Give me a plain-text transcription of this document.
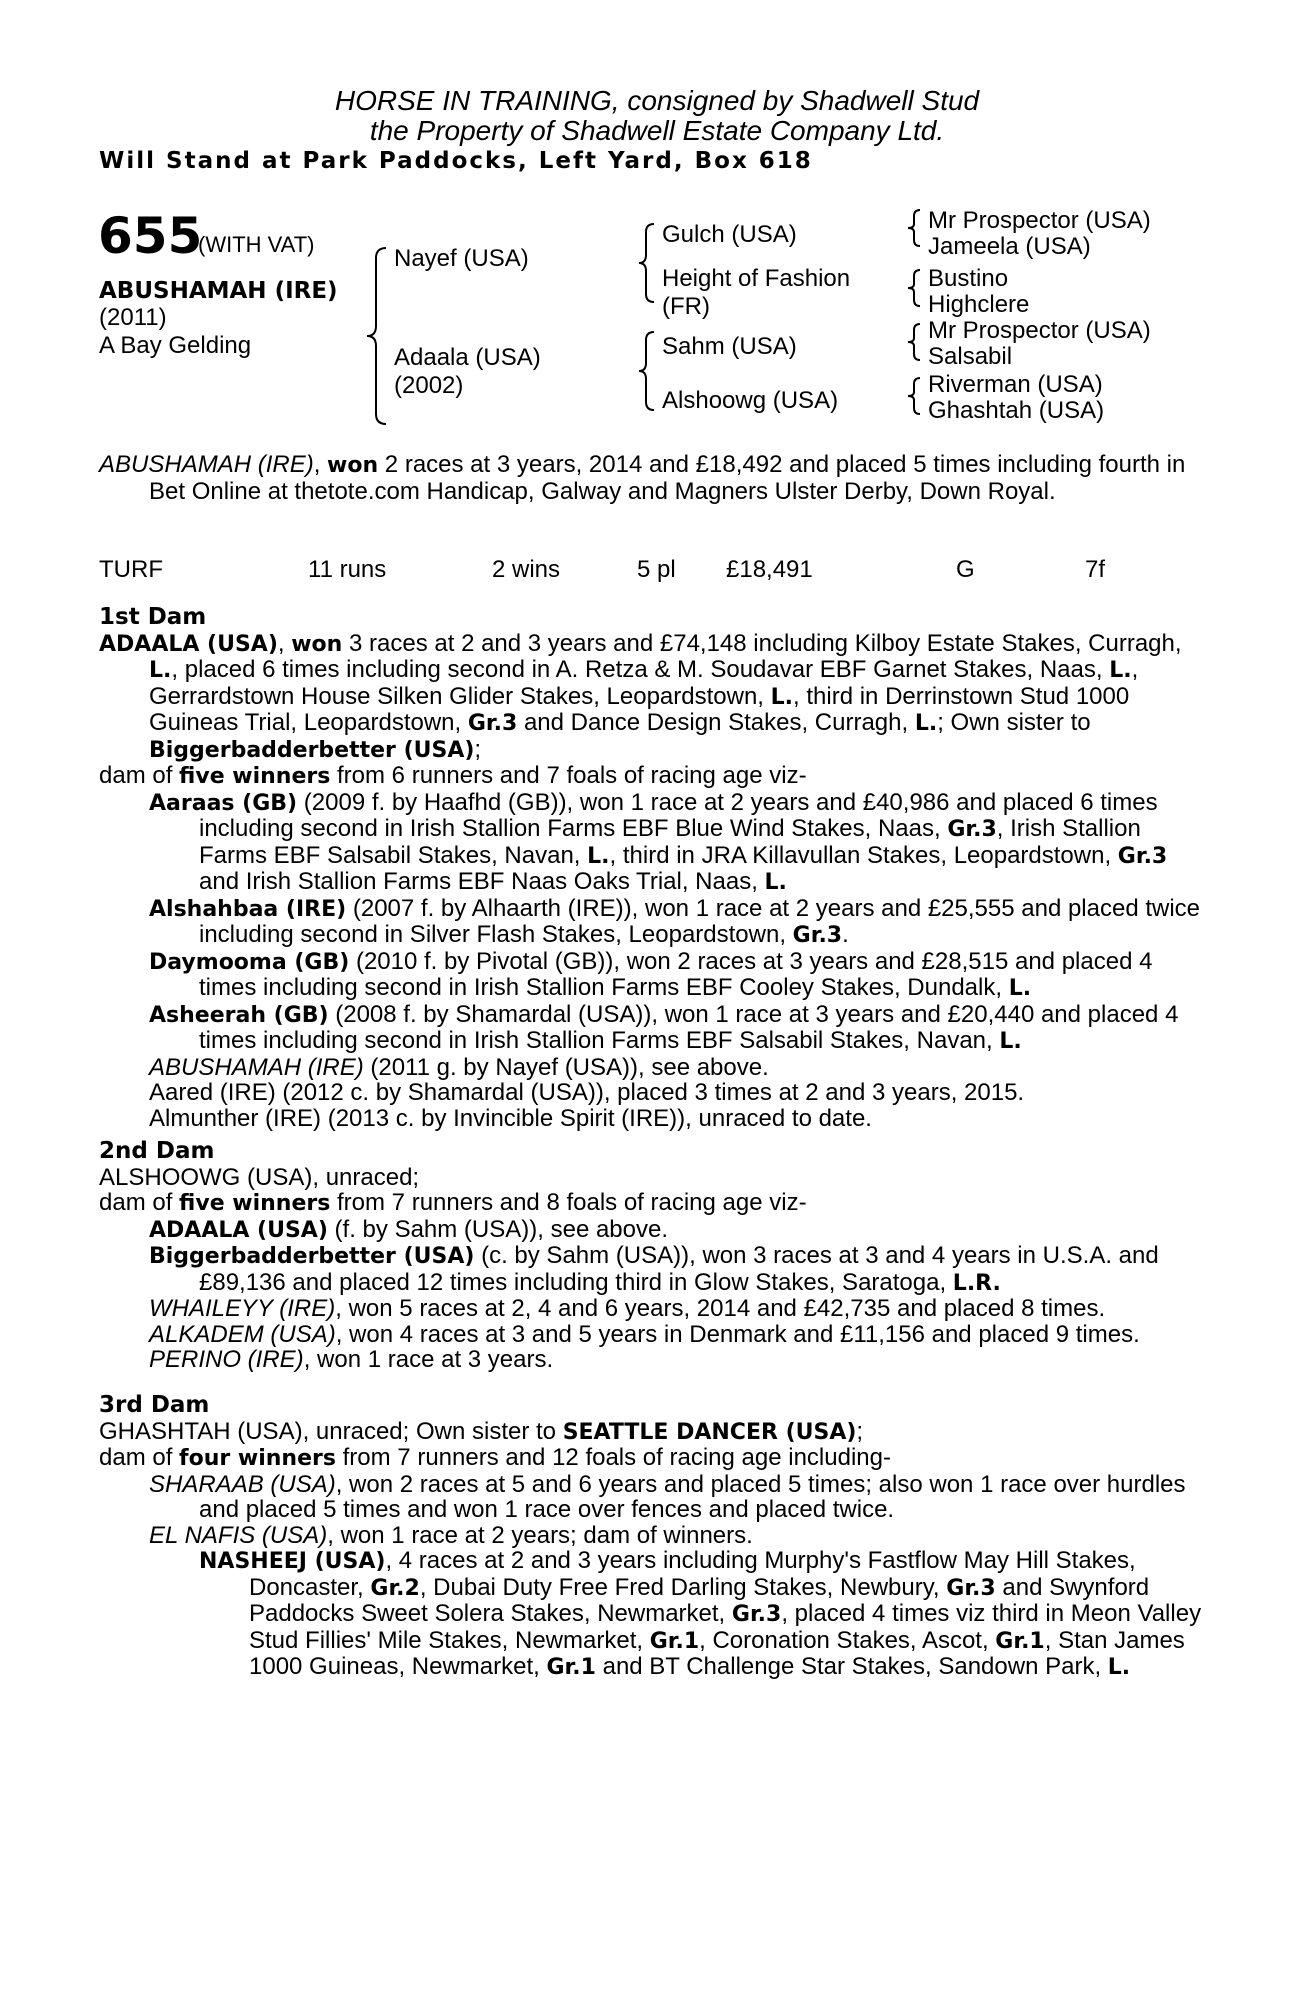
HORSE IN TRAINING, consigned by Shadwell Stud
the Property of Shadwell Estate Company Ltd.
Will Stand at Park Paddocks, Left Yard, Box 618
655
(WITH VAT)
ABUSHAMAH (IRE)
(2011)
A Bay Gelding
Nayef (USA)
Adaala (USA)
(2002)
Gulch (USA)
Height of Fashion
(FR)
Sahm (USA)
Alshoowg (USA)
Mr Prospector (USA)
Jameela (USA)
Bustino
Highclere
Mr Prospector (USA)
Salsabil
Riverman (USA)
Ghashtah (USA)

ABUSHAMAH (IRE), won 2 races at 3 years, 2014 and £18,492 and placed 5 times including fourth in Bet Online at thetote.com Handicap, Galway and Magners Ulster Derby, Down Royal.

TURF	11 runs	2 wins	5 pl £18,491	G	7f

1st Dam

ADAALA (USA), won 3 races at 2 and 3 years and £74,148 including Kilboy Estate Stakes, Curragh, L., placed 6 times including second in A. Retza & M. Soudavar EBF Garnet Stakes, Naas, L., Gerrardstown House Silken Glider Stakes, Leopardstown, L., third in Derrinstown Stud 1000 Guineas Trial, Leopardstown, Gr.3 and Dance Design Stakes, Curragh, L.; Own sister to Biggerbadderbetter (USA);

dam of five winners from 6 runners and 7 foals of racing age viz-

Aaraas (GB) (2009 f. by Haafhd (GB)), won 1 race at 2 years and £40,986 and placed 6 times including second in Irish Stallion Farms EBF Blue Wind Stakes, Naas, Gr.3, Irish Stallion Farms EBF Salsabil Stakes, Navan, L., third in JRA Killavullan Stakes, Leopardstown, Gr.3 and Irish Stallion Farms EBF Naas Oaks Trial, Naas, L.

Alshahbaa (IRE) (2007 f. by Alhaarth (IRE)), won 1 race at 2 years and £25,555 and placed twice including second in Silver Flash Stakes, Leopardstown, Gr.3.

Daymooma (GB) (2010 f. by Pivotal (GB)), won 2 races at 3 years and £28,515 and placed 4 times including second in Irish Stallion Farms EBF Cooley Stakes, Dundalk, L.

Asheerah (GB) (2008 f. by Shamardal (USA)), won 1 race at 3 years and £20,440 and placed 4 times including second in Irish Stallion Farms EBF Salsabil Stakes, Navan, L.

ABUSHAMAH (IRE) (2011 g. by Nayef (USA)), see above.

Aared (IRE) (2012 c. by Shamardal (USA)), placed 3 times at 2 and 3 years, 2015.

Almunther (IRE) (2013 c. by Invincible Spirit (IRE)), unraced to date.

2nd Dam

ALSHOOWG (USA), unraced;

dam of five winners from 7 runners and 8 foals of racing age viz-

ADAALA (USA) (f. by Sahm (USA)), see above.

Biggerbadderbetter (USA) (c. by Sahm (USA)), won 3 races at 3 and 4 years in U.S.A. and £89,136 and placed 12 times including third in Glow Stakes, Saratoga, L.R.

WHAILEYY (IRE), won 5 races at 2, 4 and 6 years, 2014 and £42,735 and placed 8 times.

ALKADEM (USA), won 4 races at 3 and 5 years in Denmark and £11,156 and placed 9 times.

PERINO (IRE), won 1 race at 3 years.

3rd Dam

GHASHTAH (USA), unraced; Own sister to SEATTLE DANCER (USA);

dam of four winners from 7 runners and 12 foals of racing age including-

SHARAAB (USA), won 2 races at 5 and 6 years and placed 5 times; also won 1 race over hurdles and placed 5 times and won 1 race over fences and placed twice.

EL NAFIS (USA), won 1 race at 2 years; dam of winners.

NASHEEJ (USA), 4 races at 2 and 3 years including Murphy's Fastflow May Hill Stakes, Doncaster, Gr.2, Dubai Duty Free Fred Darling Stakes, Newbury, Gr.3 and Swynford Paddocks Sweet Solera Stakes, Newmarket, Gr.3, placed 4 times viz third in Meon Valley Stud Fillies' Mile Stakes, Newmarket, Gr.1, Coronation Stakes, Ascot, Gr.1, Stan James 1000 Guineas, Newmarket, Gr.1 and BT Challenge Star Stakes, Sandown Park, L.
